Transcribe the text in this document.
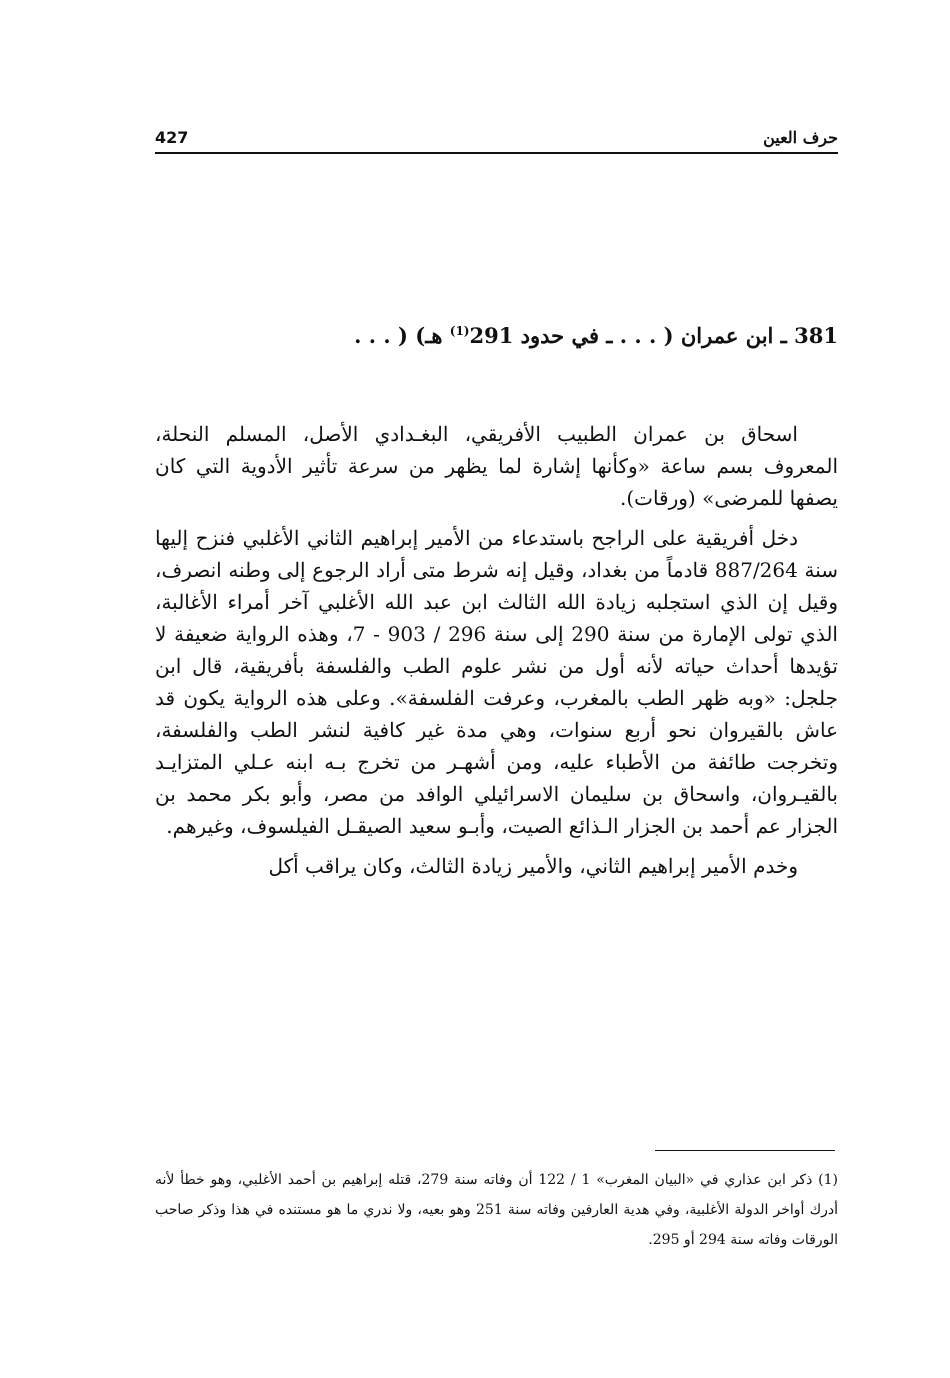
427	حرف العين
381 ـ ابن عمران ( . . . ـ في حدود 291$^{(1)}$ هـ) ( . . .

اسحاق بن عمران الطبيب الأفريقي، البغـدادي الأصل، المسلم النحلة، المعروف بسم ساعة «وكأنها إشارة لما يظهر من سرعة تأثير الأدوية التي كان يصفها للمرضى» (ورقات).

دخل أفريقية على الراجح باستدعاء من الأمير إبراهيم الثاني الأغلبي فنزح إليها سنة 887/264 قادماً من بغداد، وقيل إنه شرط متى أراد الرجوع إلى وطنه انصرف، وقيل إن الذي استجلبه زيادة الله الثالث ابن عبد الله الأغلبي آخر أمراء الأغالبة، الذي تولى الإمارة من سنة 290 إلى سنة 296 / 903 - 7، وهذه الرواية ضعيفة لا تؤيدها أحداث حياته لأنه أول من نشر علوم الطب والفلسفة بأفريقية، قال ابن جلجل: «وبه ظهر الطب بالمغرب، وعرفت الفلسفة». وعلى هذه الرواية يكون قد عاش بالقيروان نحو أربع سنوات، وهي مدة غير كافية لنشر الطب والفلسفة، وتخرجت طائفة من الأطباء عليه، ومن أشهـر من تخرج بـه ابنه عـلي المتزايـد بالقيـروان، واسحاق بن سليمان الاسرائيلي الوافد من مصر، وأبو بكر محمد بن الجزار عم أحمد بن الجزار الـذائع الصيت، وأبـو سعيد الصيقـل الفيلسوف، وغيرهم.

وخدم الأمير إبراهيم الثاني، والأمير زيادة الثالث، وكان يراقب أكل

(1) ذكر ابن عذاري في «البيان المغرب» 1 / 122 أن وفاته سنة 279، قتله إبراهيم بن أحمد الأغلبي، وهو خطأ لأنه أدرك أواخر الدولة الأغلبية، وفي هدية العارفين وفاته سنة 251 وهو بعيه، ولا ندري ما هو مستنده في هذا وذكر صاحب الورقات وفاته سنة 294 أو 295.
